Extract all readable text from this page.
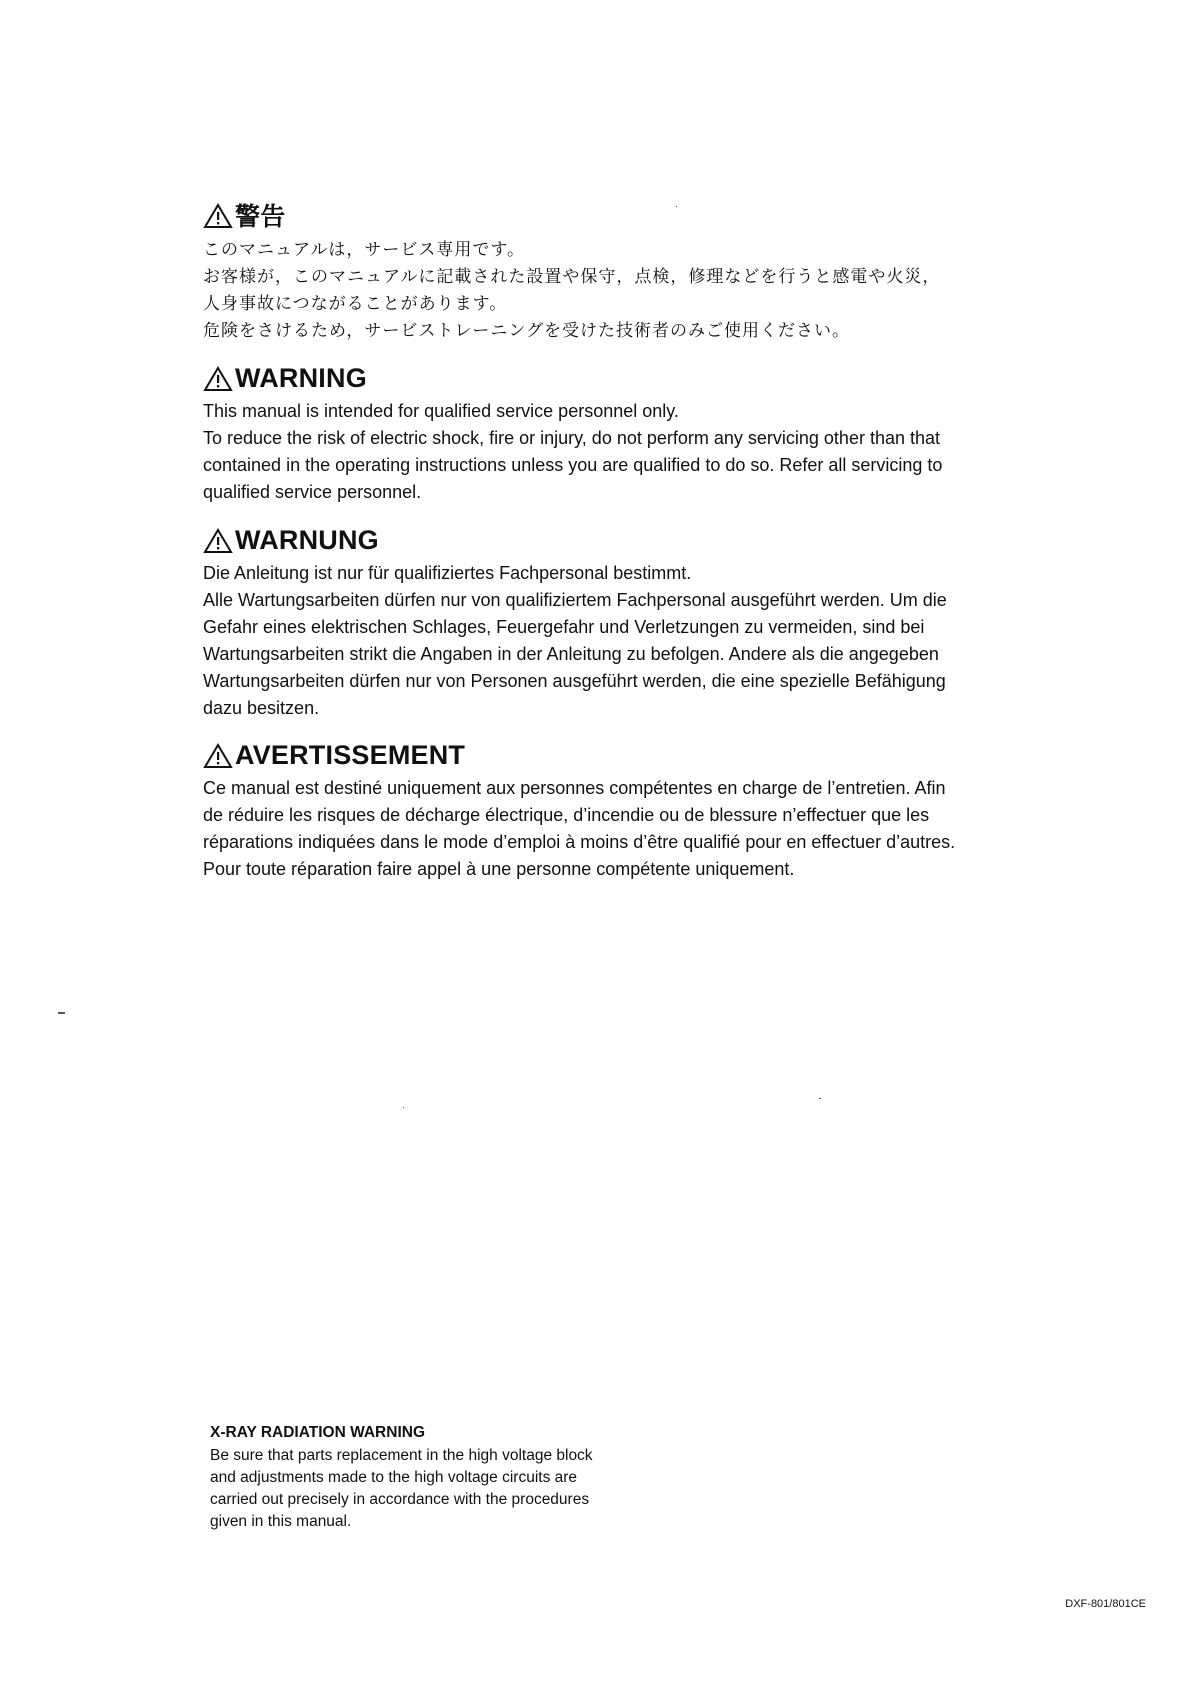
警告
このマニュアルは，サービス専用です。
お客様が，このマニュアルに記載された設置や保守，点検，修理などを行うと感電や火災，
人身事故につながることがあります。
危険をさけるため，サービストレーニングを受けた技術者のみご使用ください。
WARNING
This manual is intended for qualified service personnel only.
To reduce the risk of electric shock, fire or injury, do not perform any servicing other than that
contained in the operating instructions unless you are qualified to do so. Refer all servicing to
qualified service personnel.
WARNUNG
Die Anleitung ist nur für qualifiziertes Fachpersonal bestimmt.
Alle Wartungsarbeiten dürfen nur von qualifiziertem Fachpersonal ausgeführt werden. Um die
Gefahr eines elektrischen Schlages, Feuergefahr und Verletzungen zu vermeiden, sind bei
Wartungsarbeiten strikt die Angaben in der Anleitung zu befolgen. Andere als die angegeben
Wartungsarbeiten dürfen nur von Personen ausgeführt werden, die eine spezielle Befähigung
dazu besitzen.
AVERTISSEMENT
Ce manual est destiné uniquement aux personnes compétentes en charge de l’entretien. Afin
de réduire les risques de décharge électrique, d’incendie ou de blessure n’effectuer que les
réparations indiquées dans le mode d’emploi à moins d’être qualifié pour en effectuer d’autres.
Pour toute réparation faire appel à une personne compétente uniquement.
X-RAY RADIATION WARNING
Be sure that parts replacement in the high voltage block
and adjustments made to the high voltage circuits are
carried out precisely in accordance with the procedures
given in this manual.
DXF-801/801CE
